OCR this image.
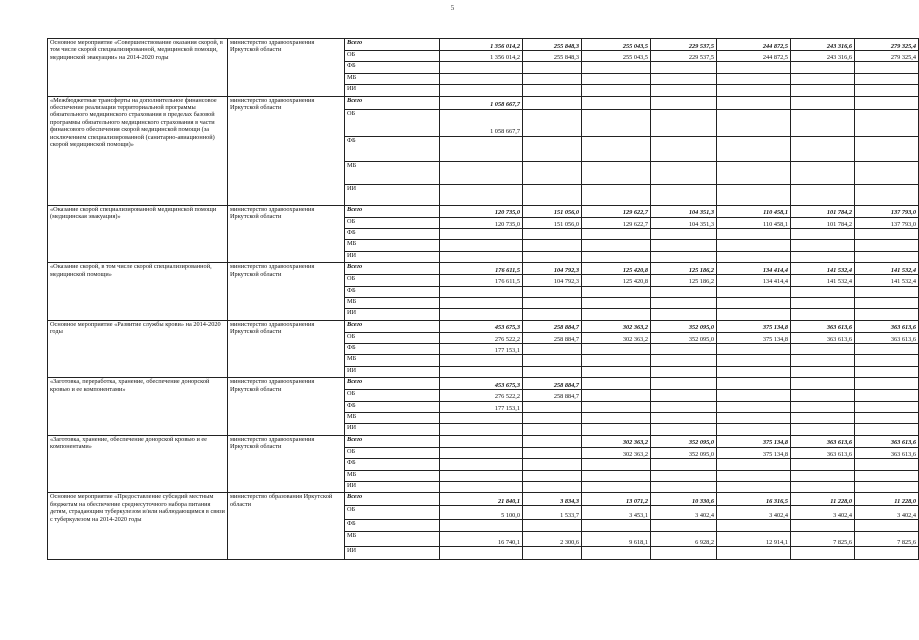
5
Основное мероприятие «Совершенствование оказания скорой, в том числе скорой специализированной, медицинской помощи, медицинской эвакуации» на 2014-2020 годы	министерство здравоохранения Иркутской области	Всего	1 356 014,2	255 848,3	255 043,5	229 537,5	244 872,5	243 316,6	279 325,4
		ОБ	1 356 014,2	255 848,3	255 043,5	229 537,5	244 872,5	243 316,6	279 325,4
		ФБ							
		МБ							
		ИИ							
«Межбюджетные трансферты на дополнительное финансовое обеспечение реализации территориальной программы обязательного медицинского страхования в пределах базовой программы обязательного медицинского страхования в части финансового обеспечения скорой медицинской помощи (за исключением специализированной (санитарно-авиационной) скорой медицинской помощи)»	министерство здравоохранения Иркутской области	Всего	1 058 667,7						
		ОБ	1 058 667,7						
		ФБ							
		МБ							
		ИИ							
«Оказание скорой специализированной медицинской помощи (медицинская эвакуация)»	министерство здравоохранения Иркутской области	Всего	120 735,0	151 056,0	129 622,7	104 351,3	110 458,1	101 784,2	137 793,0
		ОБ	120 735,0	151 056,0	129 622,7	104 351,3	110 458,1	101 784,2	137 793,0
		ФБ							
		МБ							
		ИИ							
«Оказание скорой, в том числе скорой специализированной, медицинской помощи»	министерство здравоохранения Иркутской области	Всего	176 611,5	104 792,3	125 420,8	125 186,2	134 414,4	141 532,4	141 532,4
		ОБ	176 611,5	104 792,3	125 420,8	125 186,2	134 414,4	141 532,4	141 532,4
		ФБ							
		МБ							
		ИИ							
Основное мероприятие «Развитие службы крови» на 2014-2020 годы	министерство здравоохранения Иркутской области	Всего	453 675,3	258 884,7	302 363,2	352 095,0	375 134,8	363 613,6	363 613,6
		ОБ	276 522,2	258 884,7	302 363,2	352 095,0	375 134,8	363 613,6	363 613,6
		ФБ	177 153,1						
		МБ							
		ИИ							
«Заготовка, переработка, хранение, обеспечение донорской кровью и ее компонентами»	министерство здравоохранения Иркутской области	Всего	453 675,3	258 884,7					
		ОБ	276 522,2	258 884,7					
		ФБ	177 153,1						
		МБ							
		ИИ							
«Заготовка, хранение, обеспечение донорской кровью и ее компонентами»	министерство здравоохранения Иркутской области	Всего			302 363,2	352 095,0	375 134,8	363 613,6	363 613,6
		ОБ			302 363,2	352 095,0	375 134,8	363 613,6	363 613,6
		ФБ							
		МБ							
		ИИ							
Основное мероприятие «Предоставление субсидий местным бюджетам на обеспечение среднесуточного набора питания детям, страдающим туберкулезом и/или наблюдающимся в связи с туберкулезом на 2014-2020 годы	министерство образования Иркутской области	Всего	21 840,1	3 834,3	13 071,2	10 330,6	16 316,5	11 228,0	11 228,0
		ОБ	5 100,0	1 533,7	3 453,1	3 402,4	3 402,4	3 402,4	3 402,4
		ФБ							
		МБ	16 740,1	2 300,6	9 618,1	6 928,2	12 914,1	7 825,6	7 825,6
		ИИ							
